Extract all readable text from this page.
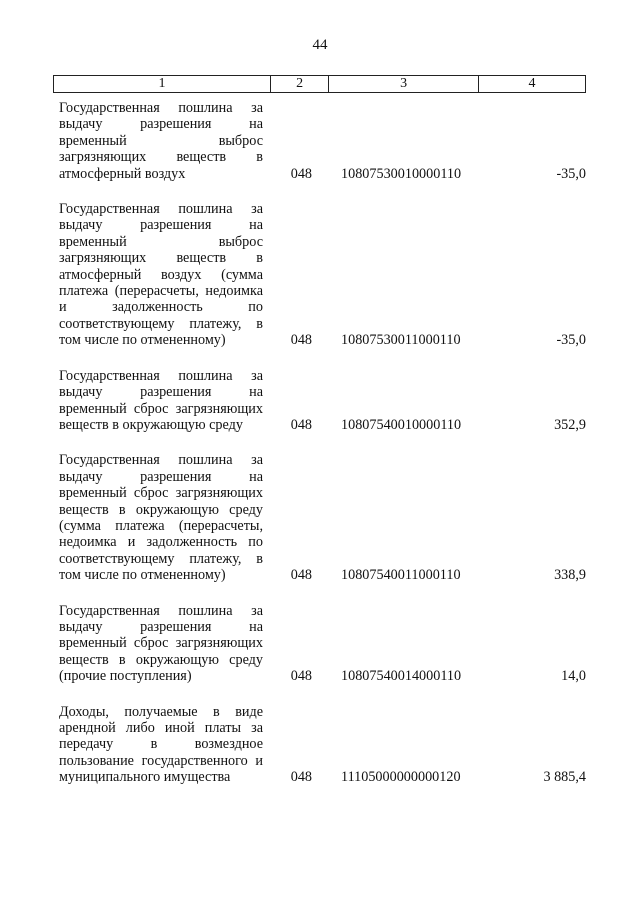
44
1	2	3	4
Государственная пошлина за выдачу разрешения на временный выброс загрязняющих веществ в атмосферный воздух	048 10807530010000110	-35,0
Государственная пошлина за выдачу разрешения на временный выброс загрязняющих веществ в атмосферный воздух (сумма платежа (перерасчеты, недоимка и задолженность по соответствующему платежу, в том числе по отмененному)	048 10807530011000110	-35,0
Государственная пошлина за выдачу разрешения на временный сброс загрязняющих веществ в окружающую среду	048 10807540010000110	352,9
Государственная пошлина за выдачу разрешения на временный сброс загрязняющих веществ в окружающую среду (сумма платежа (перерасчеты, недоимка и задолженность по соответствующему платежу, в том числе по отмененному)	048 10807540011000110	338,9
Государственная пошлина за выдачу разрешения на временный сброс загрязняющих веществ в окружающую среду (прочие поступления)	048 10807540014000110	14,0
Доходы, получаемые в виде арендной либо иной платы за передачу в возмездное пользование государственного и муниципального имущества	048 11105000000000120	3 885,4
